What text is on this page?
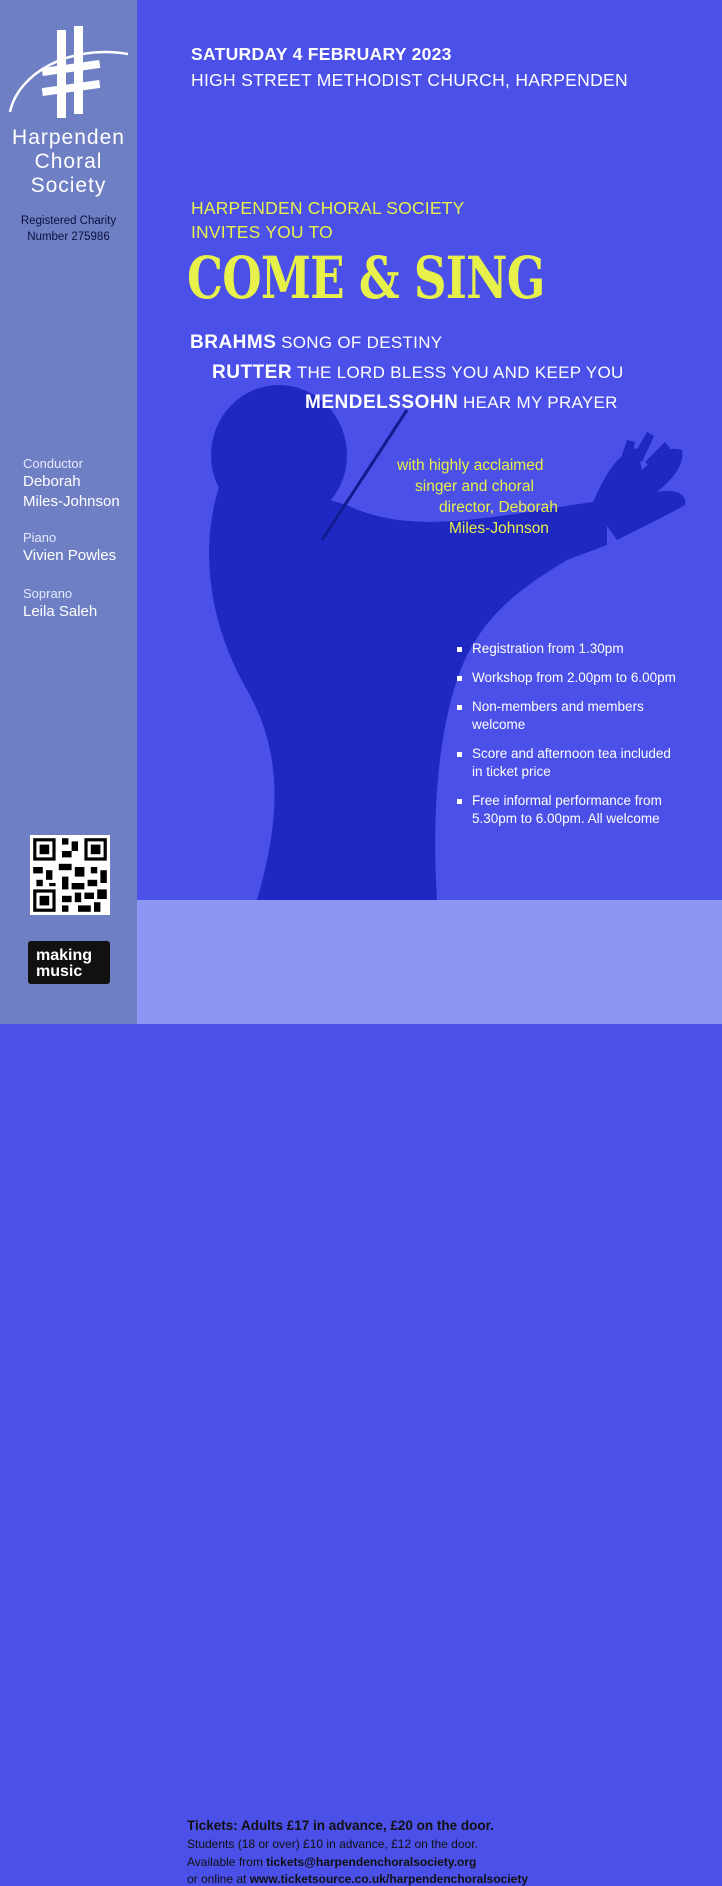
Harpenden
Choral
Society
Registered Charity
Number 275986
Conductor
Deborah
Miles-Johnson
Piano
Vivien Powles
Soprano
Leila Saleh
making
music
SATURDAY 4 FEBRUARY 2023
HIGH STREET METHODIST CHURCH, HARPENDEN
HARPENDEN CHORAL SOCIETY
INVITES YOU TO
COME & SING
BRAHMS SONG OF DESTINY
RUTTER THE LORD BLESS YOU AND KEEP YOU
MENDELSSOHN HEAR MY PRAYER
with highly acclaimed
singer and choral
director, Deborah
Miles-Johnson
Registration from 1.30pm
Workshop from 2.00pm to 6.00pm
Non-members and members
welcome
Score and afternoon tea included
in ticket price
Free informal performance from
5.30pm to 6.00pm. All welcome
Tickets: Adults £17 in advance, £20 on the door.
Students (18 or over) £10 in advance, £12 on the door.
Available from tickets@harpendenchoralsociety.org
or online at www.ticketsource.co.uk/harpendenchoralsociety
